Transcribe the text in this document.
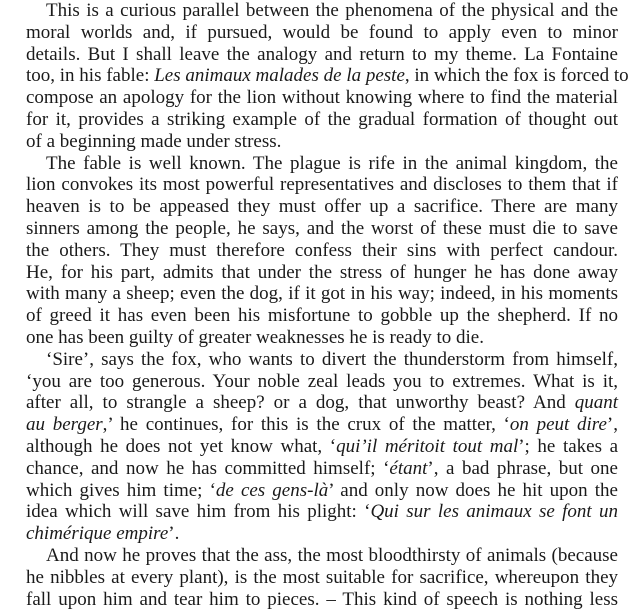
This is a curious parallel between the phenomena of the physical and the
moral worlds and, if pursued, would be found to apply even to minor
details. But I shall leave the analogy and return to my theme. La Fontaine
too, in his fable: Les animaux malades de la peste, in which the fox is forced to
compose an apology for the lion without knowing where to find the material
for it, provides a striking example of the gradual formation of thought out
of a beginning made under stress.
The fable is well known. The plague is rife in the animal kingdom, the
lion convokes its most powerful representatives and discloses to them that if
heaven is to be appeased they must offer up a sacrifice. There are many
sinners among the people, he says, and the worst of these must die to save
the others. They must therefore confess their sins with perfect candour.
He, for his part, admits that under the stress of hunger he has done away
with many a sheep; even the dog, if it got in his way; indeed, in his moments
of greed it has even been his misfortune to gobble up the shepherd. If no
one has been guilty of greater weaknesses he is ready to die.
‘Sire’, says the fox, who wants to divert the thunderstorm from himself,
‘you are too generous. Your noble zeal leads you to extremes. What is it,
after all, to strangle a sheep? or a dog, that unworthy beast? And quant
au berger,’ he continues, for this is the crux of the matter, ‘on peut dire’,
although he does not yet know what, ‘qui’il méritoit tout mal’; he takes a
chance, and now he has committed himself; ‘étant’, a bad phrase, but one
which gives him time; ‘de ces gens-là’ and only now does he hit upon the
idea which will save him from his plight: ‘Qui sur les animaux se font un
chimérique empire’.
And now he proves that the ass, the most bloodthirsty of animals (because
he nibbles at every plant), is the most suitable for sacrifice, whereupon they
fall upon him and tear him to pieces. – This kind of speech is nothing less
